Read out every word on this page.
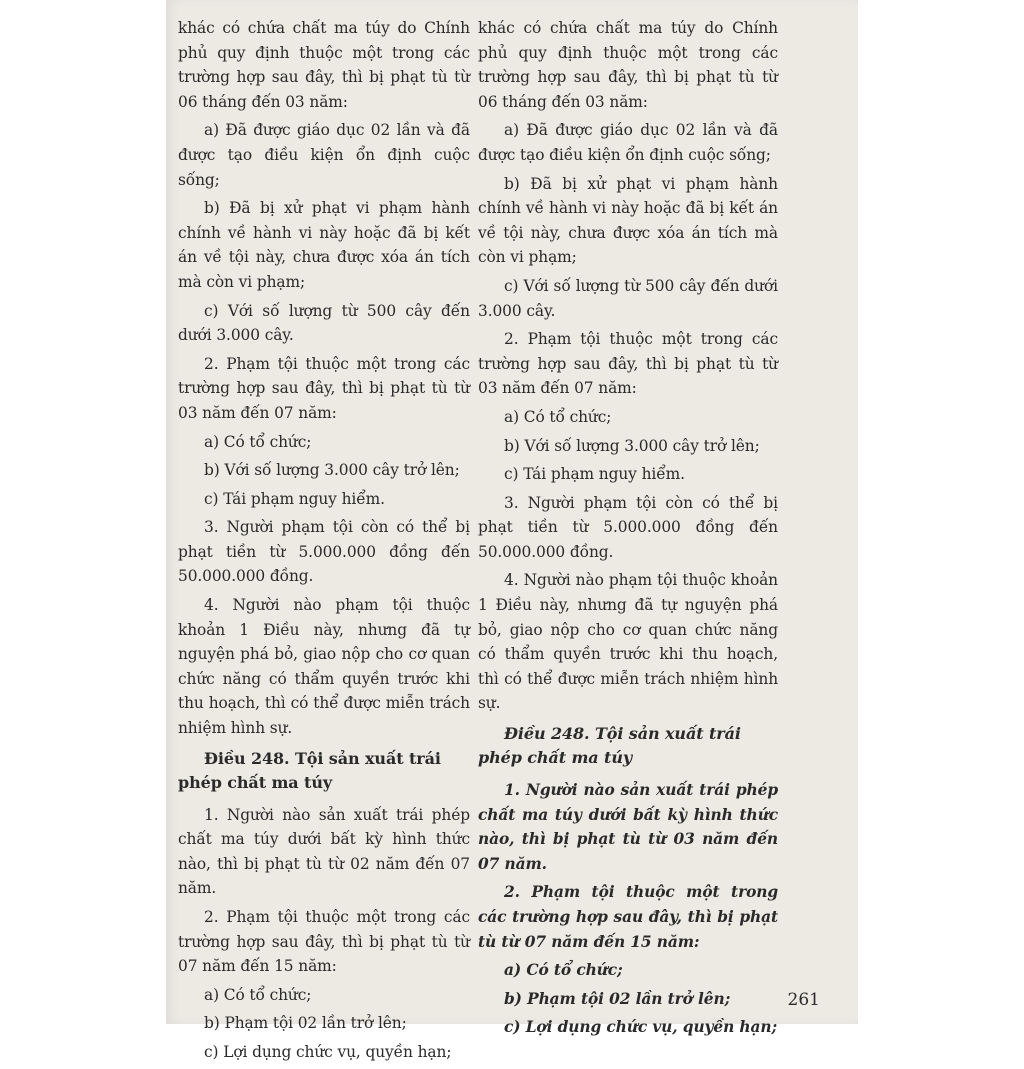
khác có chứa chất ma túy do Chính phủ quy định thuộc một trong các trường hợp sau đây, thì bị phạt tù từ 06 tháng đến 03 năm:

a) Đã được giáo dục 02 lần và đã được tạo điều kiện ổn định cuộc sống;

b) Đã bị xử phạt vi phạm hành chính về hành vi này hoặc đã bị kết án về tội này, chưa được xóa án tích mà còn vi phạm;

c) Với số lượng từ 500 cây đến dưới 3.000 cây.

2. Phạm tội thuộc một trong các trường hợp sau đây, thì bị phạt tù từ 03 năm đến 07 năm:

a) Có tổ chức;

b) Với số lượng 3.000 cây trở lên;

c) Tái phạm nguy hiểm.

3. Người phạm tội còn có thể bị phạt tiền từ 5.000.000 đồng đến 50.000.000 đồng.

4. Người nào phạm tội thuộc khoản 1 Điều này, nhưng đã tự nguyện phá bỏ, giao nộp cho cơ quan chức năng có thẩm quyền trước khi thu hoạch, thì có thể được miễn trách nhiệm hình sự.

Điều 248. Tội sản xuất trái phép chất ma túy

1. Người nào sản xuất trái phép chất ma túy dưới bất kỳ hình thức nào, thì bị phạt tù từ 02 năm đến 07 năm.

2. Phạm tội thuộc một trong các trường hợp sau đây, thì bị phạt tù từ 07 năm đến 15 năm:

a) Có tổ chức;

b) Phạm tội 02 lần trở lên;

c) Lợi dụng chức vụ, quyền hạn;

khác có chứa chất ma túy do Chính phủ quy định thuộc một trong các trường hợp sau đây, thì bị phạt tù từ 06 tháng đến 03 năm:

a) Đã được giáo dục 02 lần và đã được tạo điều kiện ổn định cuộc sống;

b) Đã bị xử phạt vi phạm hành chính về hành vi này hoặc đã bị kết án về tội này, chưa được xóa án tích mà còn vi phạm;

c) Với số lượng từ 500 cây đến dưới 3.000 cây.

2. Phạm tội thuộc một trong các trường hợp sau đây, thì bị phạt tù từ 03 năm đến 07 năm:

a) Có tổ chức;

b) Với số lượng 3.000 cây trở lên;

c) Tái phạm nguy hiểm.

3. Người phạm tội còn có thể bị phạt tiền từ 5.000.000 đồng đến 50.000.000 đồng.

4. Người nào phạm tội thuộc khoản 1 Điều này, nhưng đã tự nguyện phá bỏ, giao nộp cho cơ quan chức năng có thẩm quyền trước khi thu hoạch, thì có thể được miễn trách nhiệm hình sự.

Điều 248. Tội sản xuất trái phép chất ma túy

1. Người nào sản xuất trái phép chất ma túy dưới bất kỳ hình thức nào, thì bị phạt tù từ 03 năm đến 07 năm.

2. Phạm tội thuộc một trong các trường hợp sau đây, thì bị phạt tù từ 07 năm đến 15 năm:

a) Có tổ chức;

b) Phạm tội 02 lần trở lên;

c) Lợi dụng chức vụ, quyền hạn;

261
